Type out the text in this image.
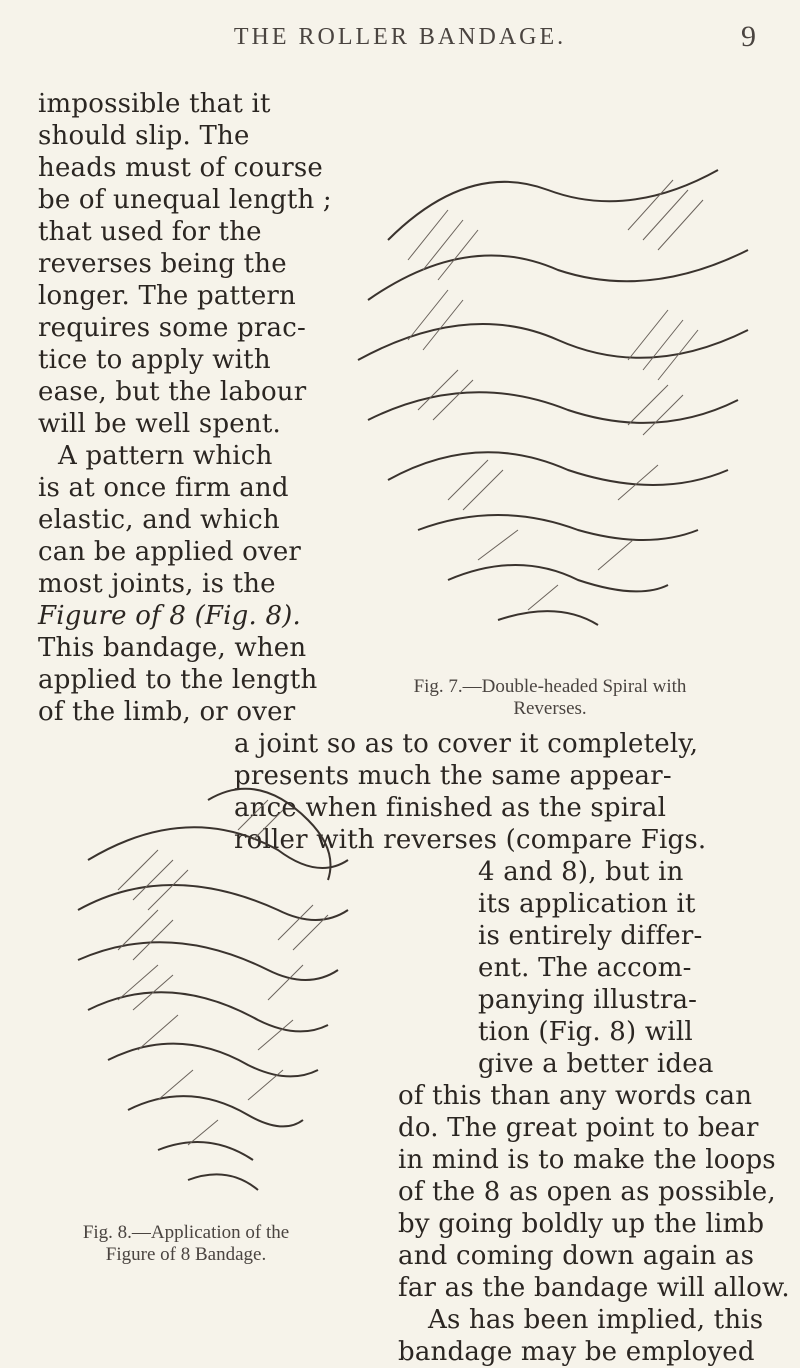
THE ROLLER BANDAGE.	9
impossible that it
should slip. The
heads must of course
be of unequal length ;
that used for the
reverses being the
longer. The pattern
requires some prac-
tice to apply with
ease, but the labour
will be well spent.
A pattern which
is at once firm and
elastic, and which
can be applied over
most joints, is the
Figure of 8 (Fig. 8).
This bandage, when
applied to the length
of the limb, or over
a joint so as to cover it completely,
presents much the same appear-
ance when finished as the spiral
roller with reverses (compare Figs.
4 and 8), but in
its application it
is entirely differ-
ent. The accom-
panying illustra-
tion (Fig. 8) will
give a better idea
of this than any words can
do. The great point to bear
in mind is to make the loops
of the 8 as open as possible,
by going boldly up the limb
and coming down again as
far as the bandage will allow.
As has been implied, this
bandage may be employed
Fig. 7.—Double-headed Spiral with
Reverses.
Fig. 8.—Application of the
Figure of 8 Bandage.
